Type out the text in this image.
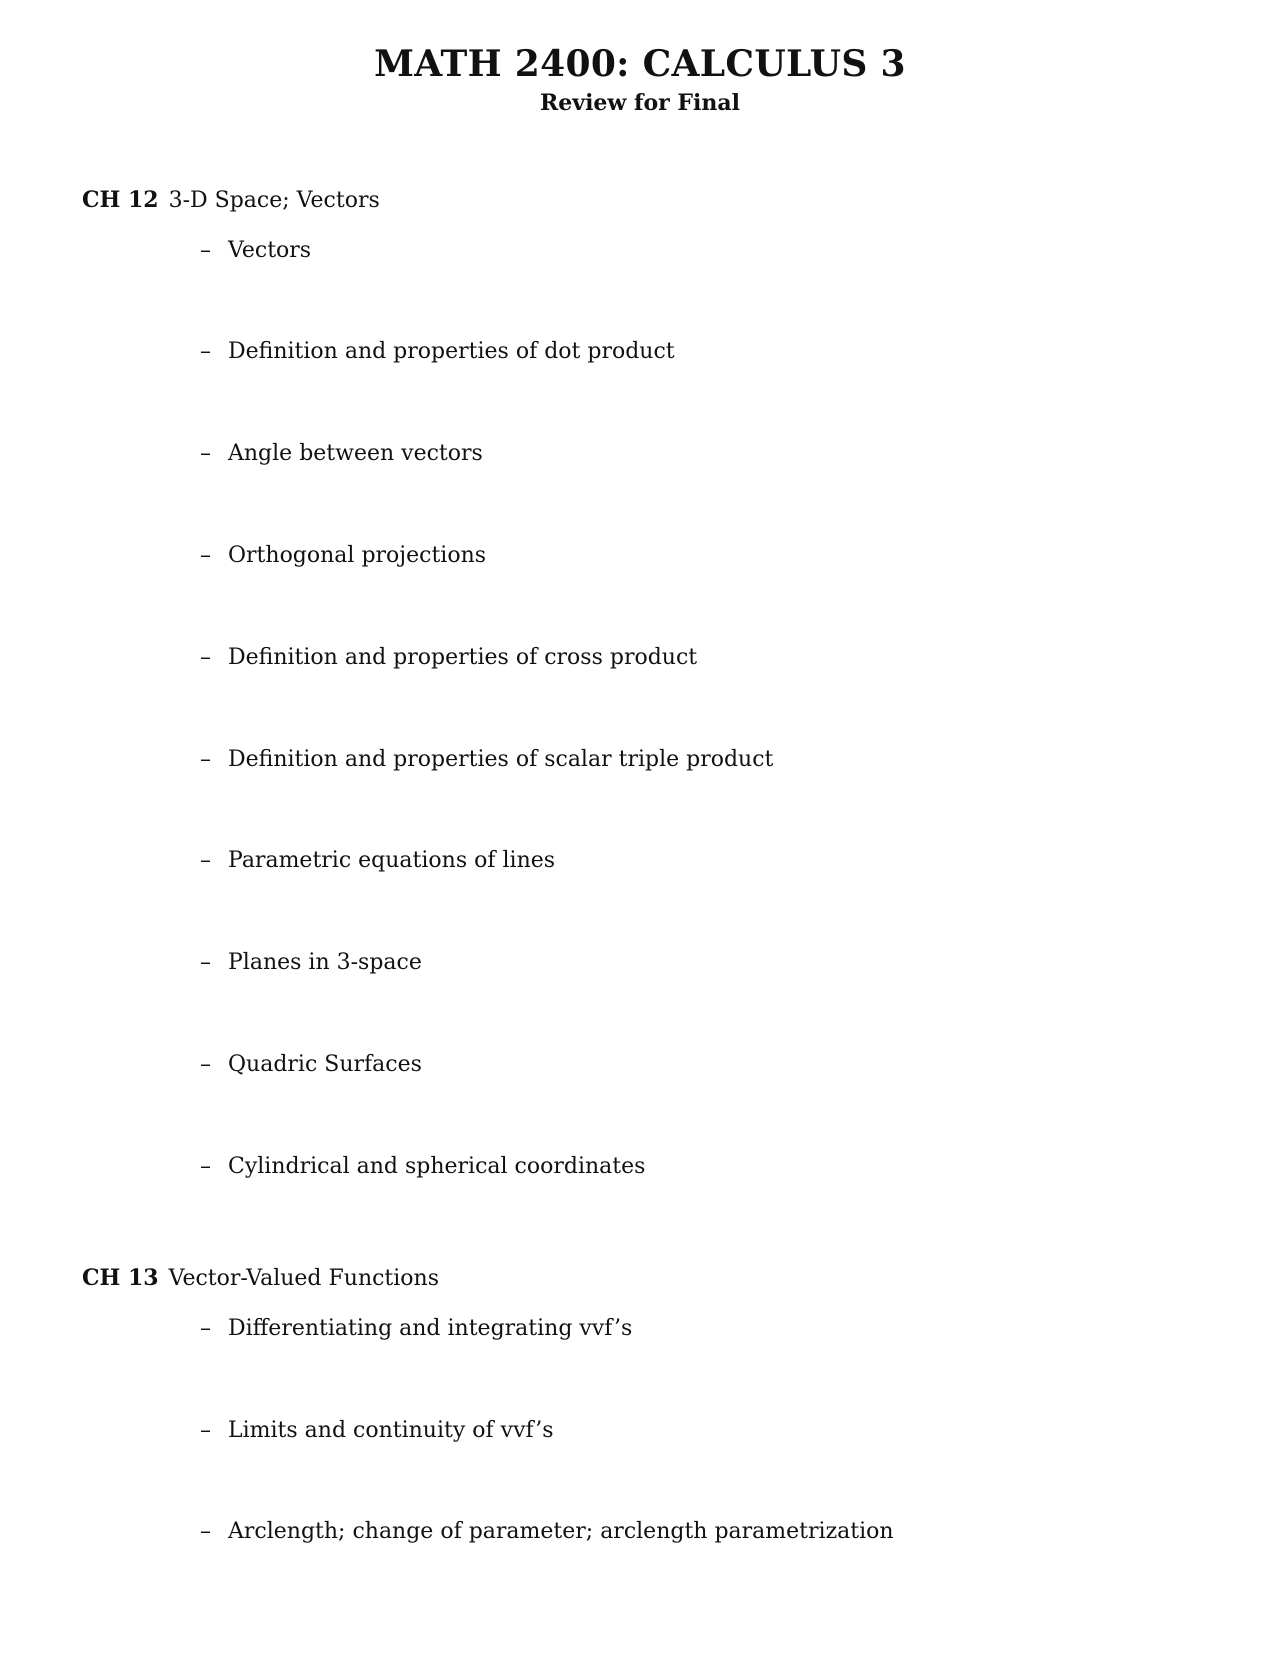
MATH 2400: CALCULUS 3
Review for Final
CH 12 3-D Space; Vectors
– Vectors
– Definition and properties of dot product
– Angle between vectors
– Orthogonal projections
– Definition and properties of cross product
– Definition and properties of scalar triple product
– Parametric equations of lines
– Planes in 3-space
– Quadric Surfaces
– Cylindrical and spherical coordinates
CH 13 Vector-Valued Functions
– Differentiating and integrating vvf’s
– Limits and continuity of vvf’s
– Arclength; change of parameter; arclength parametrization
